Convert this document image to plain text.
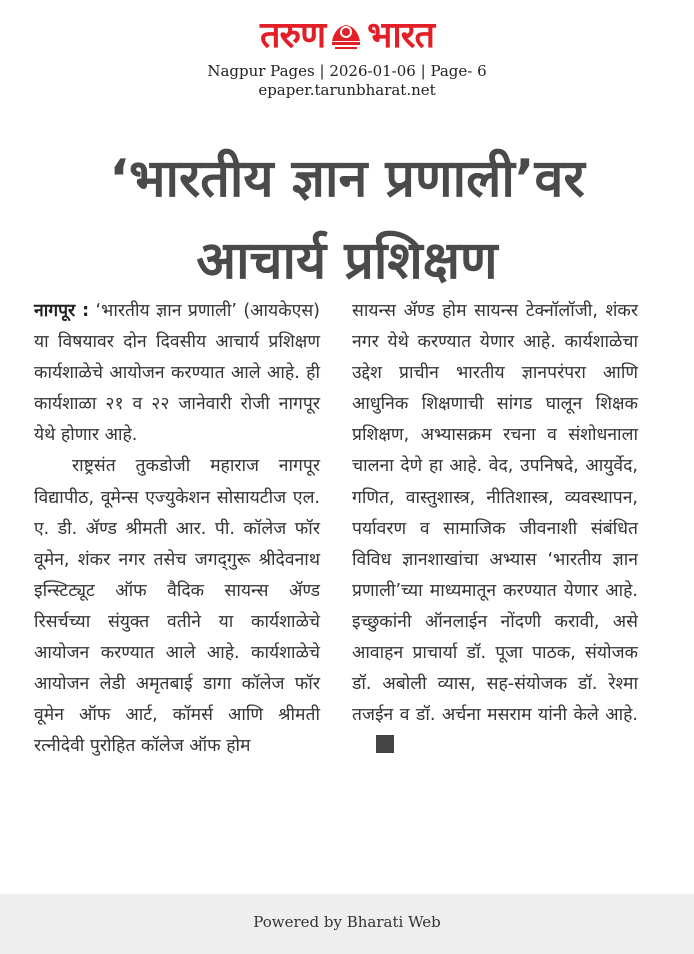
तरुण भारत
Nagpur Pages | 2026-01-06 | Page- 6
epaper.tarunbharat.net
‘भारतीय ज्ञान प्रणाली’वर
आचार्य प्रशिक्षण

नागपूर : ‘भारतीय ज्ञान प्रणाली’ (आयकेएस) या विषयावर दोन दिवसीय आचार्य प्रशिक्षण कार्यशाळेचे आयोजन करण्यात आले आहे. ही कार्यशाळा २१ व २२ जानेवारी रोजी नागपूर येथे होणार आहे.

राष्ट्रसंत तुकडोजी महाराज नागपूर विद्यापीठ, वूमेन्स एज्युकेशन सोसायटीज एल. ए. डी. ॲण्ड श्रीमती आर. पी. कॉलेज फॉर वूमेन, शंकर नगर तसेच जगद्‌गुरू श्रीदेवनाथ इन्स्टिट्यूट ऑफ वैदिक सायन्स ॲण्ड रिसर्चच्या संयुक्त वतीने या कार्यशाळेचे आयोजन करण्यात आले आहे. कार्यशाळेचे आयोजन लेडी अमृतबाई डागा कॉलेज फॉर वूमेन ऑफ आर्ट, कॉमर्स आणि श्रीमती रत्नीदेवी पुरोहित कॉलेज ऑफ होम

सायन्स ॲण्ड होम सायन्स टेक्नॉलॉजी, शंकर नगर येथे करण्यात येणार आहे. कार्यशाळेचा उद्देश प्राचीन भारतीय ज्ञानपरंपरा आणि आधुनिक शिक्षणाची सांगड घालून शिक्षक प्रशिक्षण, अभ्यासक्रम रचना व संशोधनाला चालना देणे हा आहे. वेद, उपनिषदे, आयुर्वेद, गणित, वास्तुशास्त्र, नीतिशास्त्र, व्यवस्थापन, पर्यावरण व सामाजिक जीवनाशी संबंधित विविध ज्ञानशाखांचा अभ्यास ‘भारतीय ज्ञान प्रणाली’च्या माध्यमातून करण्यात येणार आहे. इच्छुकांनी ऑनलाईन नोंदणी करावी, असे आवाहन प्राचार्या डॉ. पूजा पाठक, संयोजक डॉ. अबोली व्यास, सह-संयोजक डॉ. रेश्मा तजईन व डॉ. अर्चना मसराम यांनी केले आहे.

Powered by Bharati Web
